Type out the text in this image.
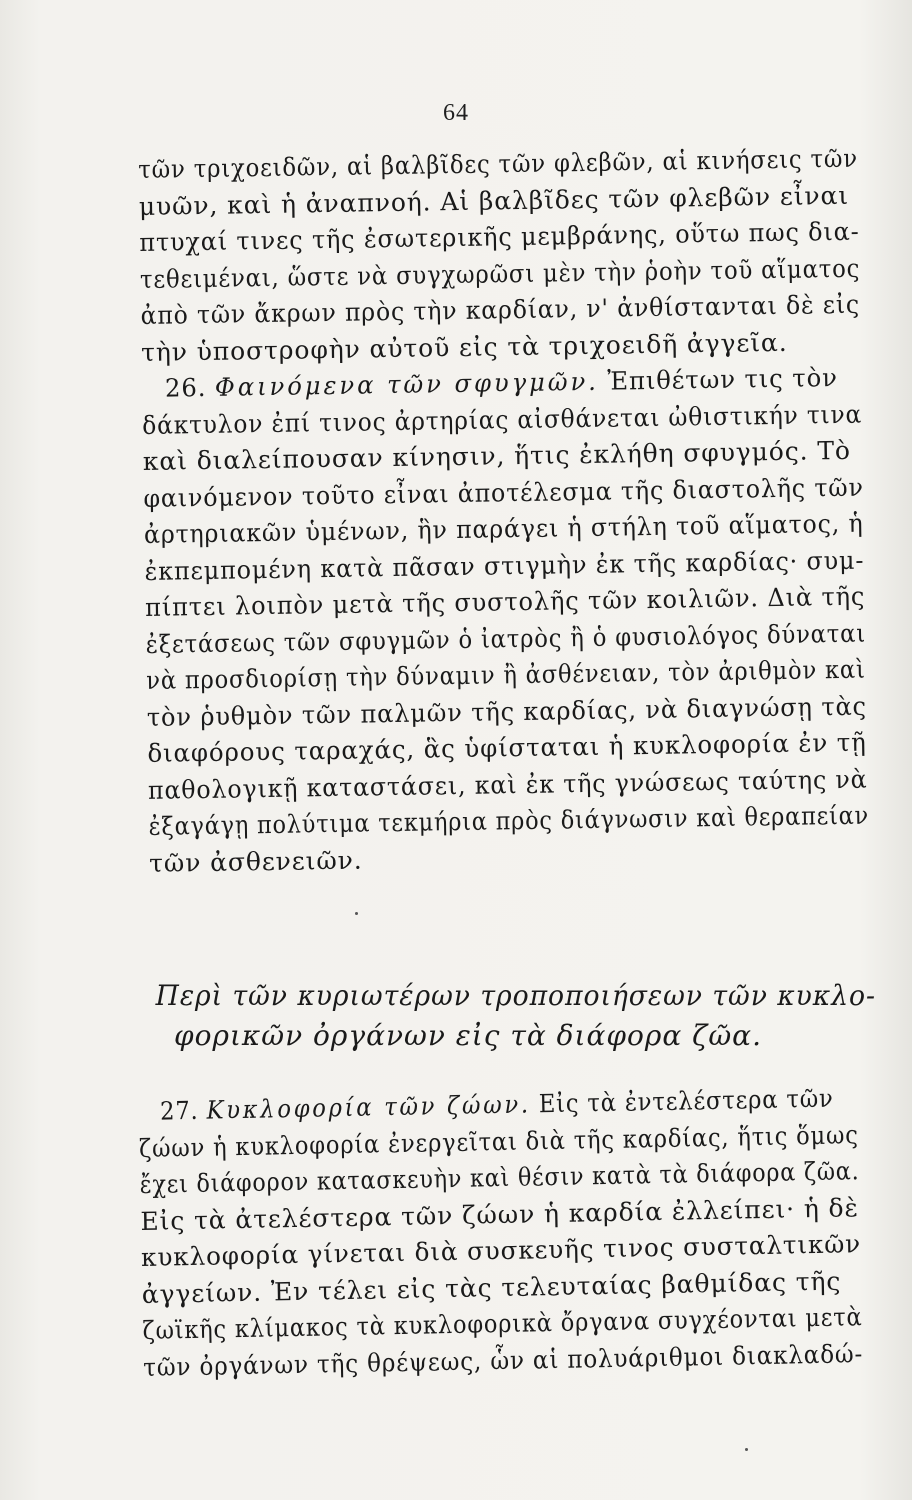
64
τῶν τριχοειδῶν, αἱ βαλβῖδες τῶν φλεβῶν, αἱ κινήσεις τῶν
μυῶν, καὶ ἡ ἀναπνοή. Αἱ βαλβῖδες τῶν φλεβῶν εἶναι
πτυχαί τινες τῆς ἐσωτερικῆς μεμβράνης, οὕτω πως δια-
τεθειμέναι, ὥστε νὰ συγχωρῶσι μὲν τὴν ῥοὴν τοῦ αἵματος
ἀπὸ τῶν ἄκρων πρὸς τὴν καρδίαν, ν' ἀνθίστανται δὲ εἰς
τὴν ὑποστροφὴν αὐτοῦ εἰς τὰ τριχοειδῆ ἀγγεῖα.
26. Φαινόμενα τῶν σφυγμῶν. Ἐπιθέτων τις τὸν
δάκτυλον ἐπί τινος ἀρτηρίας αἰσθάνεται ὠθιστικήν τινα
καὶ διαλείπουσαν κίνησιν, ἥτις ἐκλήθη σφυγμός. Τὸ
φαινόμενον τοῦτο εἶναι ἀποτέλεσμα τῆς διαστολῆς τῶν
ἀρτηριακῶν ὑμένων, ἣν παράγει ἡ στήλη τοῦ αἵματος, ἡ
ἐκπεμπομένη κατὰ πᾶσαν στιγμὴν ἐκ τῆς καρδίας· συμ-
πίπτει λοιπὸν μετὰ τῆς συστολῆς τῶν κοιλιῶν. Διὰ τῆς
ἐξετάσεως τῶν σφυγμῶν ὁ ἰατρὸς ἢ ὁ φυσιολόγος δύναται
νὰ προσδιορίσῃ τὴν δύναμιν ἢ ἀσθένειαν, τὸν ἀριθμὸν καὶ
τὸν ῥυθμὸν τῶν παλμῶν τῆς καρδίας, νὰ διαγνώσῃ τὰς
διαφόρους ταραχάς, ἃς ὑφίσταται ἡ κυκλοφορία ἐν τῇ
παθολογικῇ καταστάσει, καὶ ἐκ τῆς γνώσεως ταύτης νὰ
ἐξαγάγῃ πολύτιμα τεκμήρια πρὸς διάγνωσιν καὶ θεραπείαν
τῶν ἀσθενειῶν.
Περὶ τῶν κυριωτέρων τροποποιήσεων τῶν κυκλο-
φορικῶν ὀργάνων εἰς τὰ διάφορα ζῶα.
27. Κυκλοφορία τῶν ζώων. Εἰς τὰ ἐντελέστερα τῶν
ζώων ἡ κυκλοφορία ἐνεργεῖται διὰ τῆς καρδίας, ἥτις ὅμως
ἔχει διάφορον κατασκευὴν καὶ θέσιν κατὰ τὰ διάφορα ζῶα.
Εἰς τὰ ἀτελέστερα τῶν ζώων ἡ καρδία ἐλλείπει· ἡ δὲ
κυκλοφορία γίνεται διὰ συσκευῆς τινος συσταλτικῶν
ἀγγείων. Ἐν τέλει εἰς τὰς τελευταίας βαθμίδας τῆς
ζωϊκῆς κλίμακος τὰ κυκλοφορικὰ ὄργανα συγχέονται μετὰ
τῶν ὀργάνων τῆς θρέψεως, ὧν αἱ πολυάριθμοι διακλαδώ-
